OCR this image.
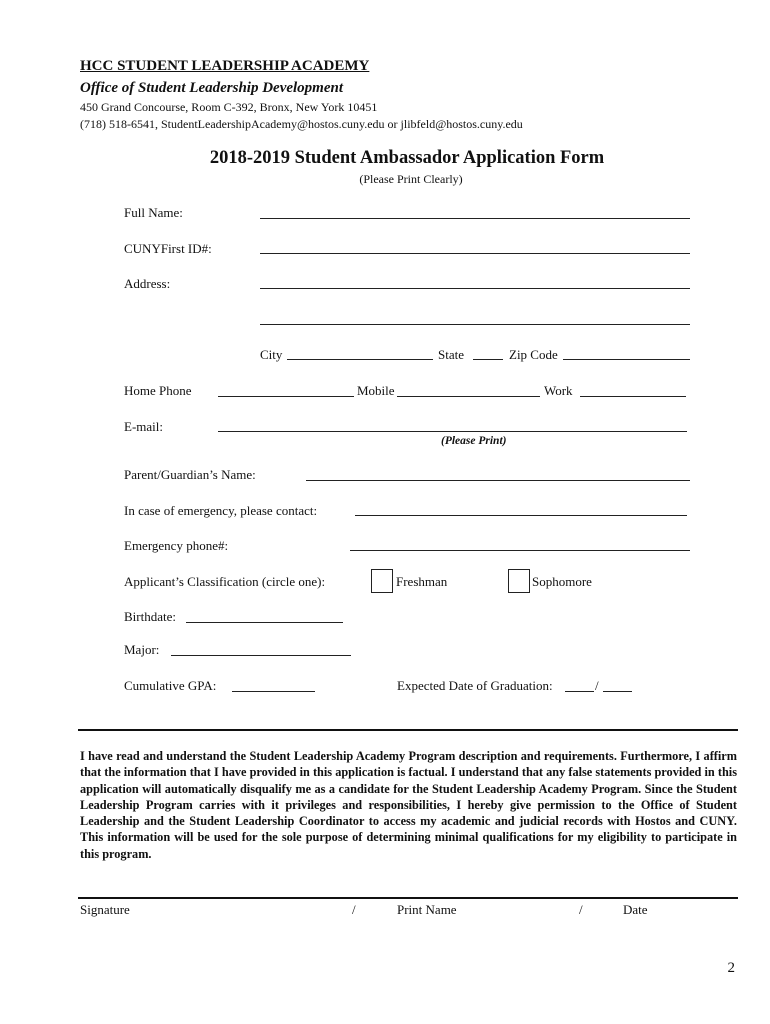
HCC STUDENT LEADERSHIP ACADEMY
Office of Student Leadership Development
450 Grand Concourse, Room C-392, Bronx, New York 10451
(718) 518-6541, StudentLeadershipAcademy@hostos.cuny.edu or jlibfeld@hostos.cuny.edu
2018-2019 Student Ambassador Application Form
(Please Print Clearly)
Full Name:
CUNYFirst ID#:
Address:
City	State	Zip Code
Home Phone	Mobile	Work
E-mail:
(Please Print)
Parent/Guardian’s Name:
In case of emergency, please contact:
Emergency phone#:
Applicant’s Classification (circle one):	Freshman	Sophomore
Birthdate:
Major:
Cumulative GPA:	Expected Date of Graduation:	/
I have read and understand the Student Leadership Academy Program description and requirements. Furthermore, I affirm that the information that I have provided in this application is factual. I understand that any false statements provided in this application will automatically disqualify me as a candidate for the Student Leadership Academy Program. Since the Student Leadership Program carries with it privileges and responsibilities, I hereby give permission to the Office of Student Leadership and the Student Leadership Coordinator to access my academic and judicial records with Hostos and CUNY. This information will be used for the sole purpose of determining minimal qualifications for my eligibility to participate in this program.
Signature	/	Print Name	/	Date
2
